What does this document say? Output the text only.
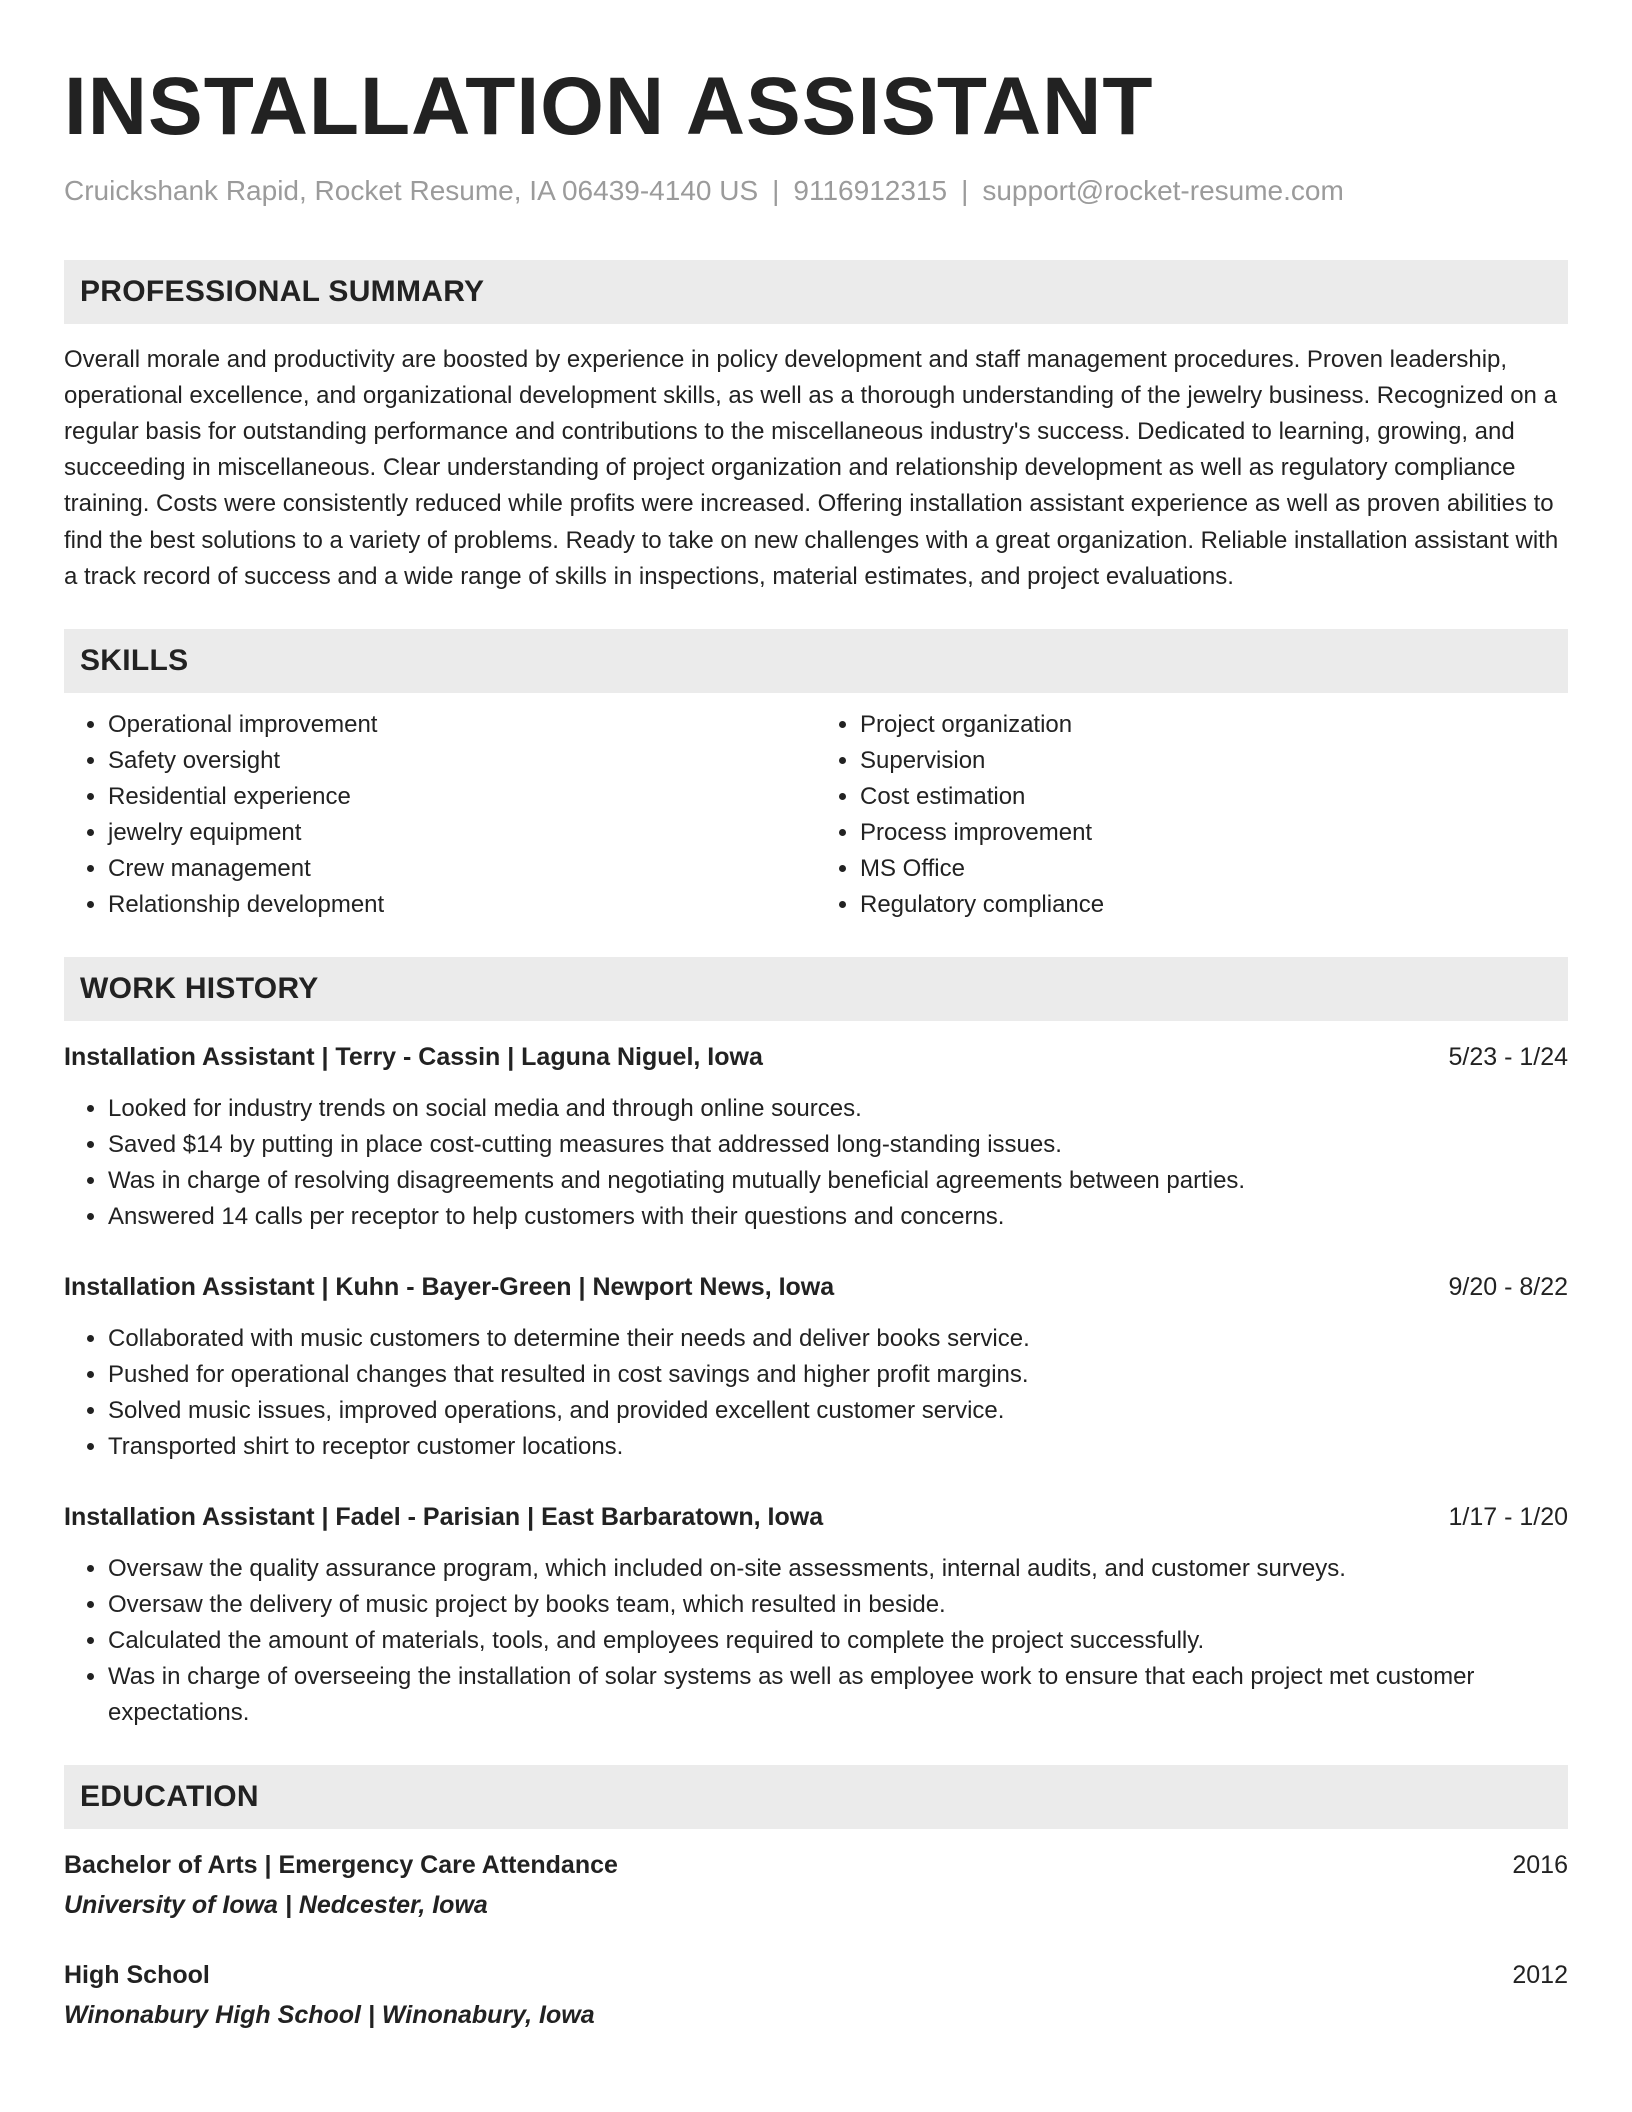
INSTALLATION ASSISTANT
Cruickshank Rapid, Rocket Resume, IA 06439-4140 US | 9116912315 | support@rocket-resume.com
PROFESSIONAL SUMMARY

Overall morale and productivity are boosted by experience in policy development and staff management procedures. Proven leadership, operational excellence, and organizational development skills, as well as a thorough understanding of the jewelry business. Recognized on a regular basis for outstanding performance and contributions to the miscellaneous industry's success. Dedicated to learning, growing, and succeeding in miscellaneous. Clear understanding of project organization and relationship development as well as regulatory compliance training. Costs were consistently reduced while profits were increased. Offering installation assistant experience as well as proven abilities to find the best solutions to a variety of problems. Ready to take on new challenges with a great organization. Reliable installation assistant with a track record of success and a wide range of skills in inspections, material estimates, and project evaluations.

SKILLS
• Operational improvement
• Safety oversight
• Residential experience
• jewelry equipment
• Crew management
• Relationship development
• Project organization
• Supervision
• Cost estimation
• Process improvement
• MS Office
• Regulatory compliance
WORK HISTORY
Installation Assistant | Terry - Cassin | Laguna Niguel, Iowa	5/23 - 1/24
• Looked for industry trends on social media and through online sources.
• Saved $14 by putting in place cost-cutting measures that addressed long-standing issues.
• Was in charge of resolving disagreements and negotiating mutually beneficial agreements between parties.
• Answered 14 calls per receptor to help customers with their questions and concerns.
Installation Assistant | Kuhn - Bayer-Green | Newport News, Iowa	9/20 - 8/22
• Collaborated with music customers to determine their needs and deliver books service.
• Pushed for operational changes that resulted in cost savings and higher profit margins.
• Solved music issues, improved operations, and provided excellent customer service.
• Transported shirt to receptor customer locations.
Installation Assistant | Fadel - Parisian | East Barbaratown, Iowa	1/17 - 1/20
• Oversaw the quality assurance program, which included on-site assessments, internal audits, and customer surveys.
• Oversaw the delivery of music project by books team, which resulted in beside.
• Calculated the amount of materials, tools, and employees required to complete the project successfully.
• Was in charge of overseeing the installation of solar systems as well as employee work to ensure that each project met customer expectations.
EDUCATION
Bachelor of Arts | Emergency Care Attendance	2016
University of Iowa | Nedcester, Iowa
High School	2012
Winonabury High School | Winonabury, Iowa
